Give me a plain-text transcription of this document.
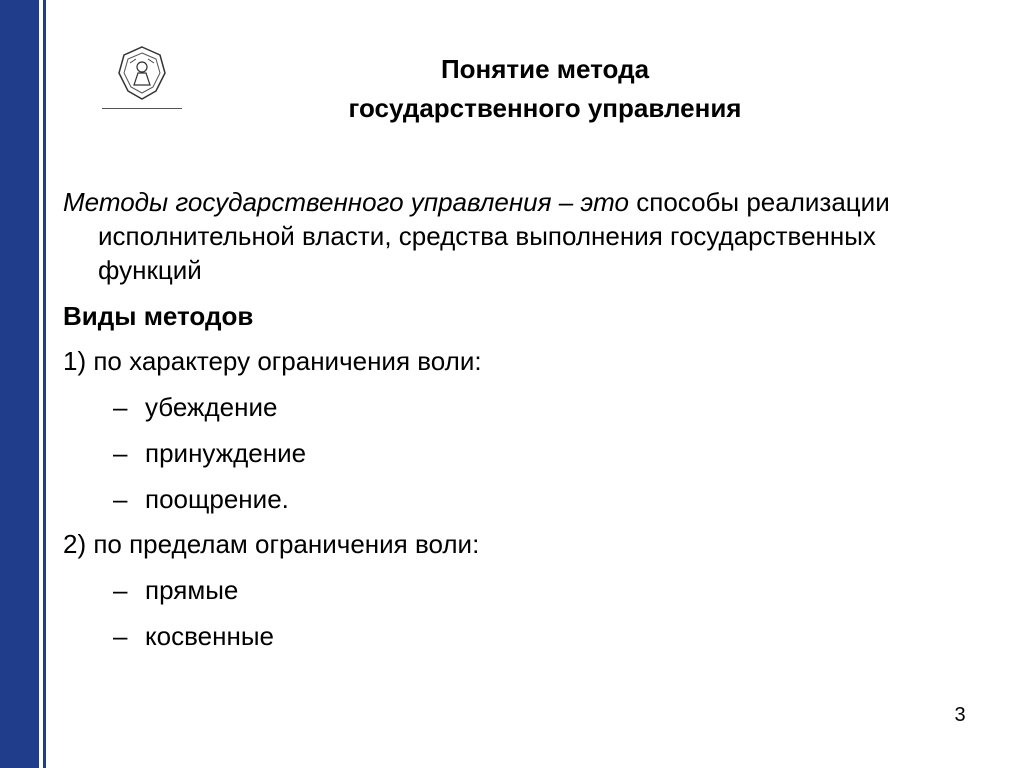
Понятие метода
государственного управления

Методы государственного управления – это способы реализации исполнительной власти, средства выполнения государственных функций

Виды методов
1) по характеру ограничения воли:
– убеждение
– принуждение
– поощрение.
2) по пределам ограничения воли:
– прямые
– косвенные
3
